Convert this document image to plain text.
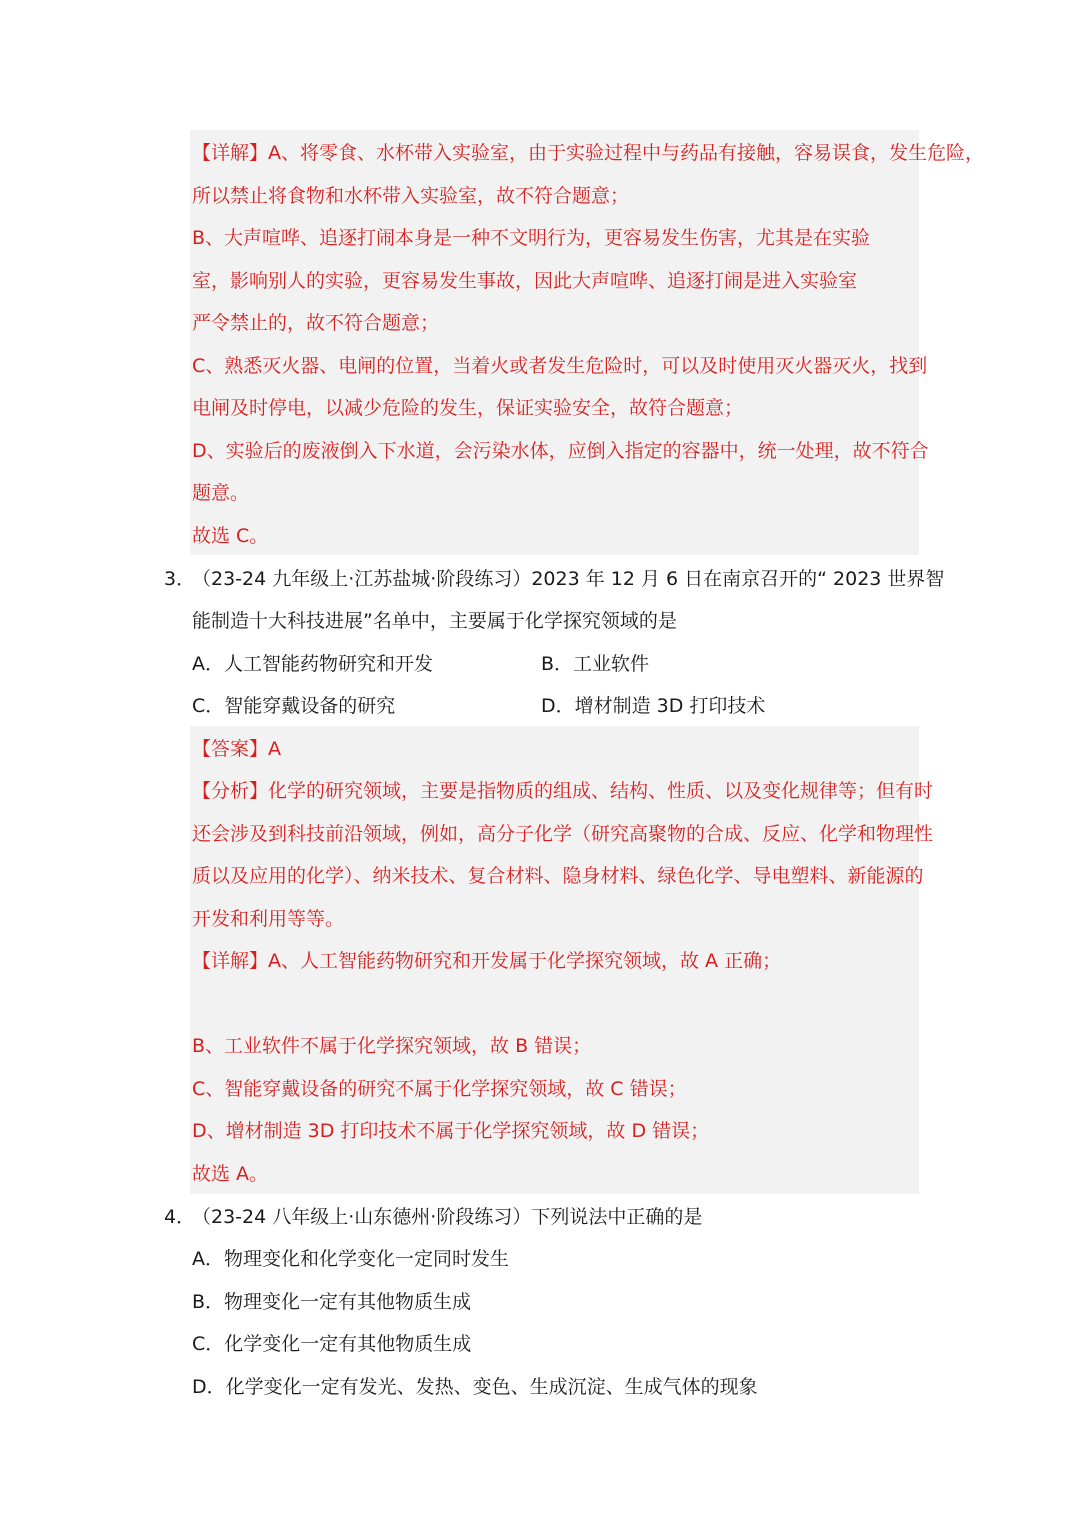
【详解】A、将零食、水杯带入实验室，由于实验过程中与药品有接触，容易误食，发生危险，
所以禁止将食物和水杯带入实验室，故不符合题意；
B、大声喧哗、追逐打闹本身是一种不文明行为，更容易发生伤害，尤其是在实验
室，影响别人的实验，更容易发生事故，因此大声喧哗、追逐打闹是进入实验室
严令禁止的，故不符合题意；
C、熟悉灭火器、电闸的位置，当着火或者发生危险时，可以及时使用灭火器灭火，找到
电闸及时停电，以减少危险的发生，保证实验安全，故符合题意；
D、实验后的废液倒入下水道，会污染水体，应倒入指定的容器中，统一处理，故不符合
题意。
故选 C。
3．
（23-24 九年级上·江苏盐城·阶段练习）2023 年 12 月 6 日在南京召开的“ 2023 世界智
能制造十大科技进展”名单中，主要属于化学探究领域的是
A．人工智能药物研究和开发	B．工业软件
C．智能穿戴设备的研究	D．增材制造 3D 打印技术
【答案】A
【分析】化学的研究领域，主要是指物质的组成、结构、性质、以及变化规律等；但有时
还会涉及到科技前沿领域，例如，高分子化学（研究高聚物的合成、反应、化学和物理性
质以及应用的化学）、纳米技术、复合材料、隐身材料、绿色化学、导电塑料、新能源的
开发和利用等等。
【详解】A、人工智能药物研究和开发属于化学探究领域，故 A 正确；
B、工业软件不属于化学探究领域，故 B 错误；
C、智能穿戴设备的研究不属于化学探究领域，故 C 错误；
D、增材制造 3D 打印技术不属于化学探究领域，故 D 错误；
故选 A。
4．
（23-24 八年级上·山东德州·阶段练习）下列说法中正确的是
A．物理变化和化学变化一定同时发生
B．物理变化一定有其他物质生成
C．化学变化一定有其他物质生成
D．化学变化一定有发光、发热、变色、生成沉淀、生成气体的现象
